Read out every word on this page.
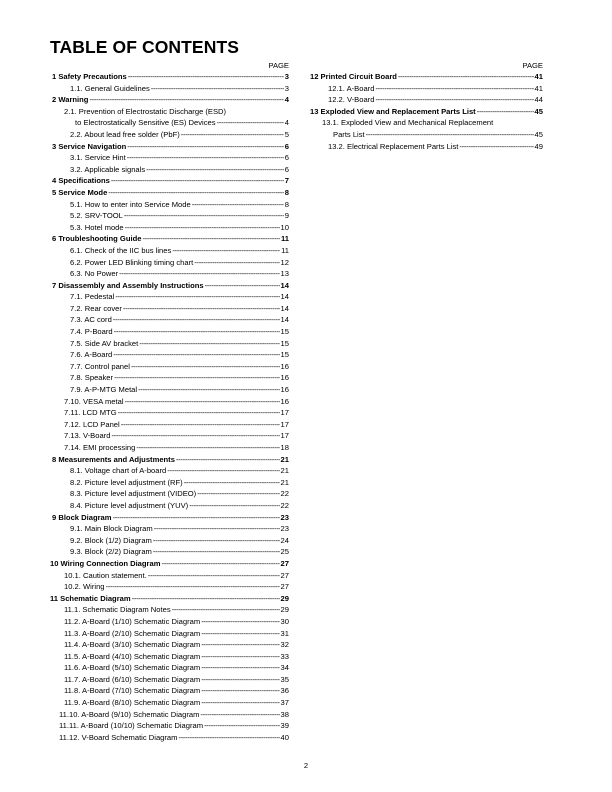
TABLE OF CONTENTS
PAGE
1 Safety Precautions -----	3
1.1. General Guidelines -----	3
2 Warning -----	4
2.1. Prevention of Electrostatic Discharge (ESD)
to Electrostatically Sensitive (ES) Devices -----	4
2.2. About lead free solder (PbF) -----	5
3 Service Navigation -----	6
3.1. Service Hint -----	6
3.2. Applicable signals -----	6
4 Specifications -----	7
5 Service Mode -----	8
5.1. How to enter into Service Mode -----	8
5.2. SRV-TOOL -----	9
5.3. Hotel mode -----	10
6 Troubleshooting Guide -----	11
6.1. Check of the IIC bus lines -----	11
6.2. Power LED Blinking timing chart -----	12
6.3. No Power -----	13
7 Disassembly and Assembly Instructions -----	14
7.1. Pedestal -----	14
7.2. Rear cover -----	14
7.3. AC cord -----	14
7.4. P-Board -----	15
7.5. Side AV bracket -----	15
7.6. A-Board -----	15
7.7. Control panel -----	16
7.8. Speaker -----	16
7.9. A-P-MTG Metal -----	16
7.10. VESA metal -----	16
7.11. LCD MTG -----	17
7.12. LCD Panel -----	17
7.13. V-Board -----	17
7.14. EMI processing -----	18
8 Measurements and Adjustments -----	21
8.1. Voltage chart of A-board -----	21
8.2. Picture level adjustment (RF) -----	21
8.3. Picture level adjustment (VIDEO) -----	22
8.4. Picture level adjustment (YUV) -----	22
9 Block Diagram -----	23
9.1. Main Block Diagram -----	23
9.2. Block (1/2) Diagram -----	24
9.3. Block (2/2) Diagram -----	25
10 Wiring Connection Diagram -----	27
10.1. Caution statement. -----	27
10.2. Wiring -----	27
11 Schematic Diagram -----	29
11.1. Schematic Diagram Notes -----	29
11.2. A-Board (1/10) Schematic Diagram -----	30
11.3. A-Board (2/10) Schematic Diagram -----	31
11.4. A-Board (3/10) Schematic Diagram -----	32
11.5. A-Board (4/10) Schematic Diagram -----	33
11.6. A-Board (5/10) Schematic Diagram -----	34
11.7. A-Board (6/10) Schematic Diagram -----	35
11.8. A-Board (7/10) Schematic Diagram -----	36
11.9. A-Board (8/10) Schematic Diagram -----	37
11.10. A-Board (9/10) Schematic Diagram -----	38
11.11. A-Board (10/10) Schematic Diagram -----	39
11.12. V-Board Schematic Diagram -----	40
PAGE
12 Printed Circuit Board -----	41
12.1. A-Board -----	41
12.2. V-Board -----	44
13 Exploded View and Replacement Parts List -----	45
13.1. Exploded View and Mechanical Replacement
Parts List -----	45
13.2. Electrical Replacement Parts List -----	49
2
